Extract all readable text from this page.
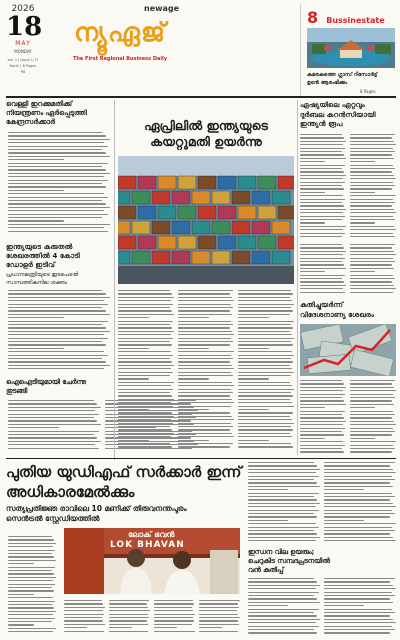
2026
18
MAY
MONDAY
Vol. 1 | Issue 1.17
Kochi | 8 Pages
₹8
newage
ന്യൂഏജ്
The First Regional Business Daily
8 Bussinestate
കുമരകത്തെ ഗ്ലാസ് റിസോർട്ട്
ഉടൻ ആരംഭിക്കും
8 Pages
വെള്ളി ഇറക്കുമതിക്ക്
നിയന്ത്രണം ഏർപ്പെടുത്തി
കേന്ദ്രസർക്കാർ
ഇന്ത്യയുടെ കരുതൽ
ശേഖരത്തിൽ 4 കോടി
ഡോളർ ഇടിവ്
പ്രധാനമന്ത്രിയുടെ ഇടപെടൽ
സാമ്പത്തികനില ശക്തം
ഐഐടിയുമായി ചേർന്നു
തുടങ്ങി
ഏപ്രിലിൽ ഇന്ത്യയുടെ
കയറ്റുമതി ഉയർന്നു
ഏഷ്യയിലെ ഏറ്റവും
ദുർബല കറൻസിയായി
ഇന്ത്യൻ രൂപ
കുതിച്ചുയർന്ന്
വിദേശനാണ്യ ശേഖരം
പുതിയ യുഡിഎഫ് സർക്കാർ ഇന്ന്
അധികാരമേൽക്കും
സത്യപ്രതിജ്ഞ രാവിലെ 10 മണിക്ക് തിരുവനന്തപുരം
സെൻട്രൽ സ്റ്റേഡിയത്തിൽ
ലോക് ഭവൻ
LOK BHAVAN
ഇന്ധന വില ഉയരും;
ചെറുകിട സമ്പദ്ഘടനയിൽ
വൻ കുതിപ്പ്
